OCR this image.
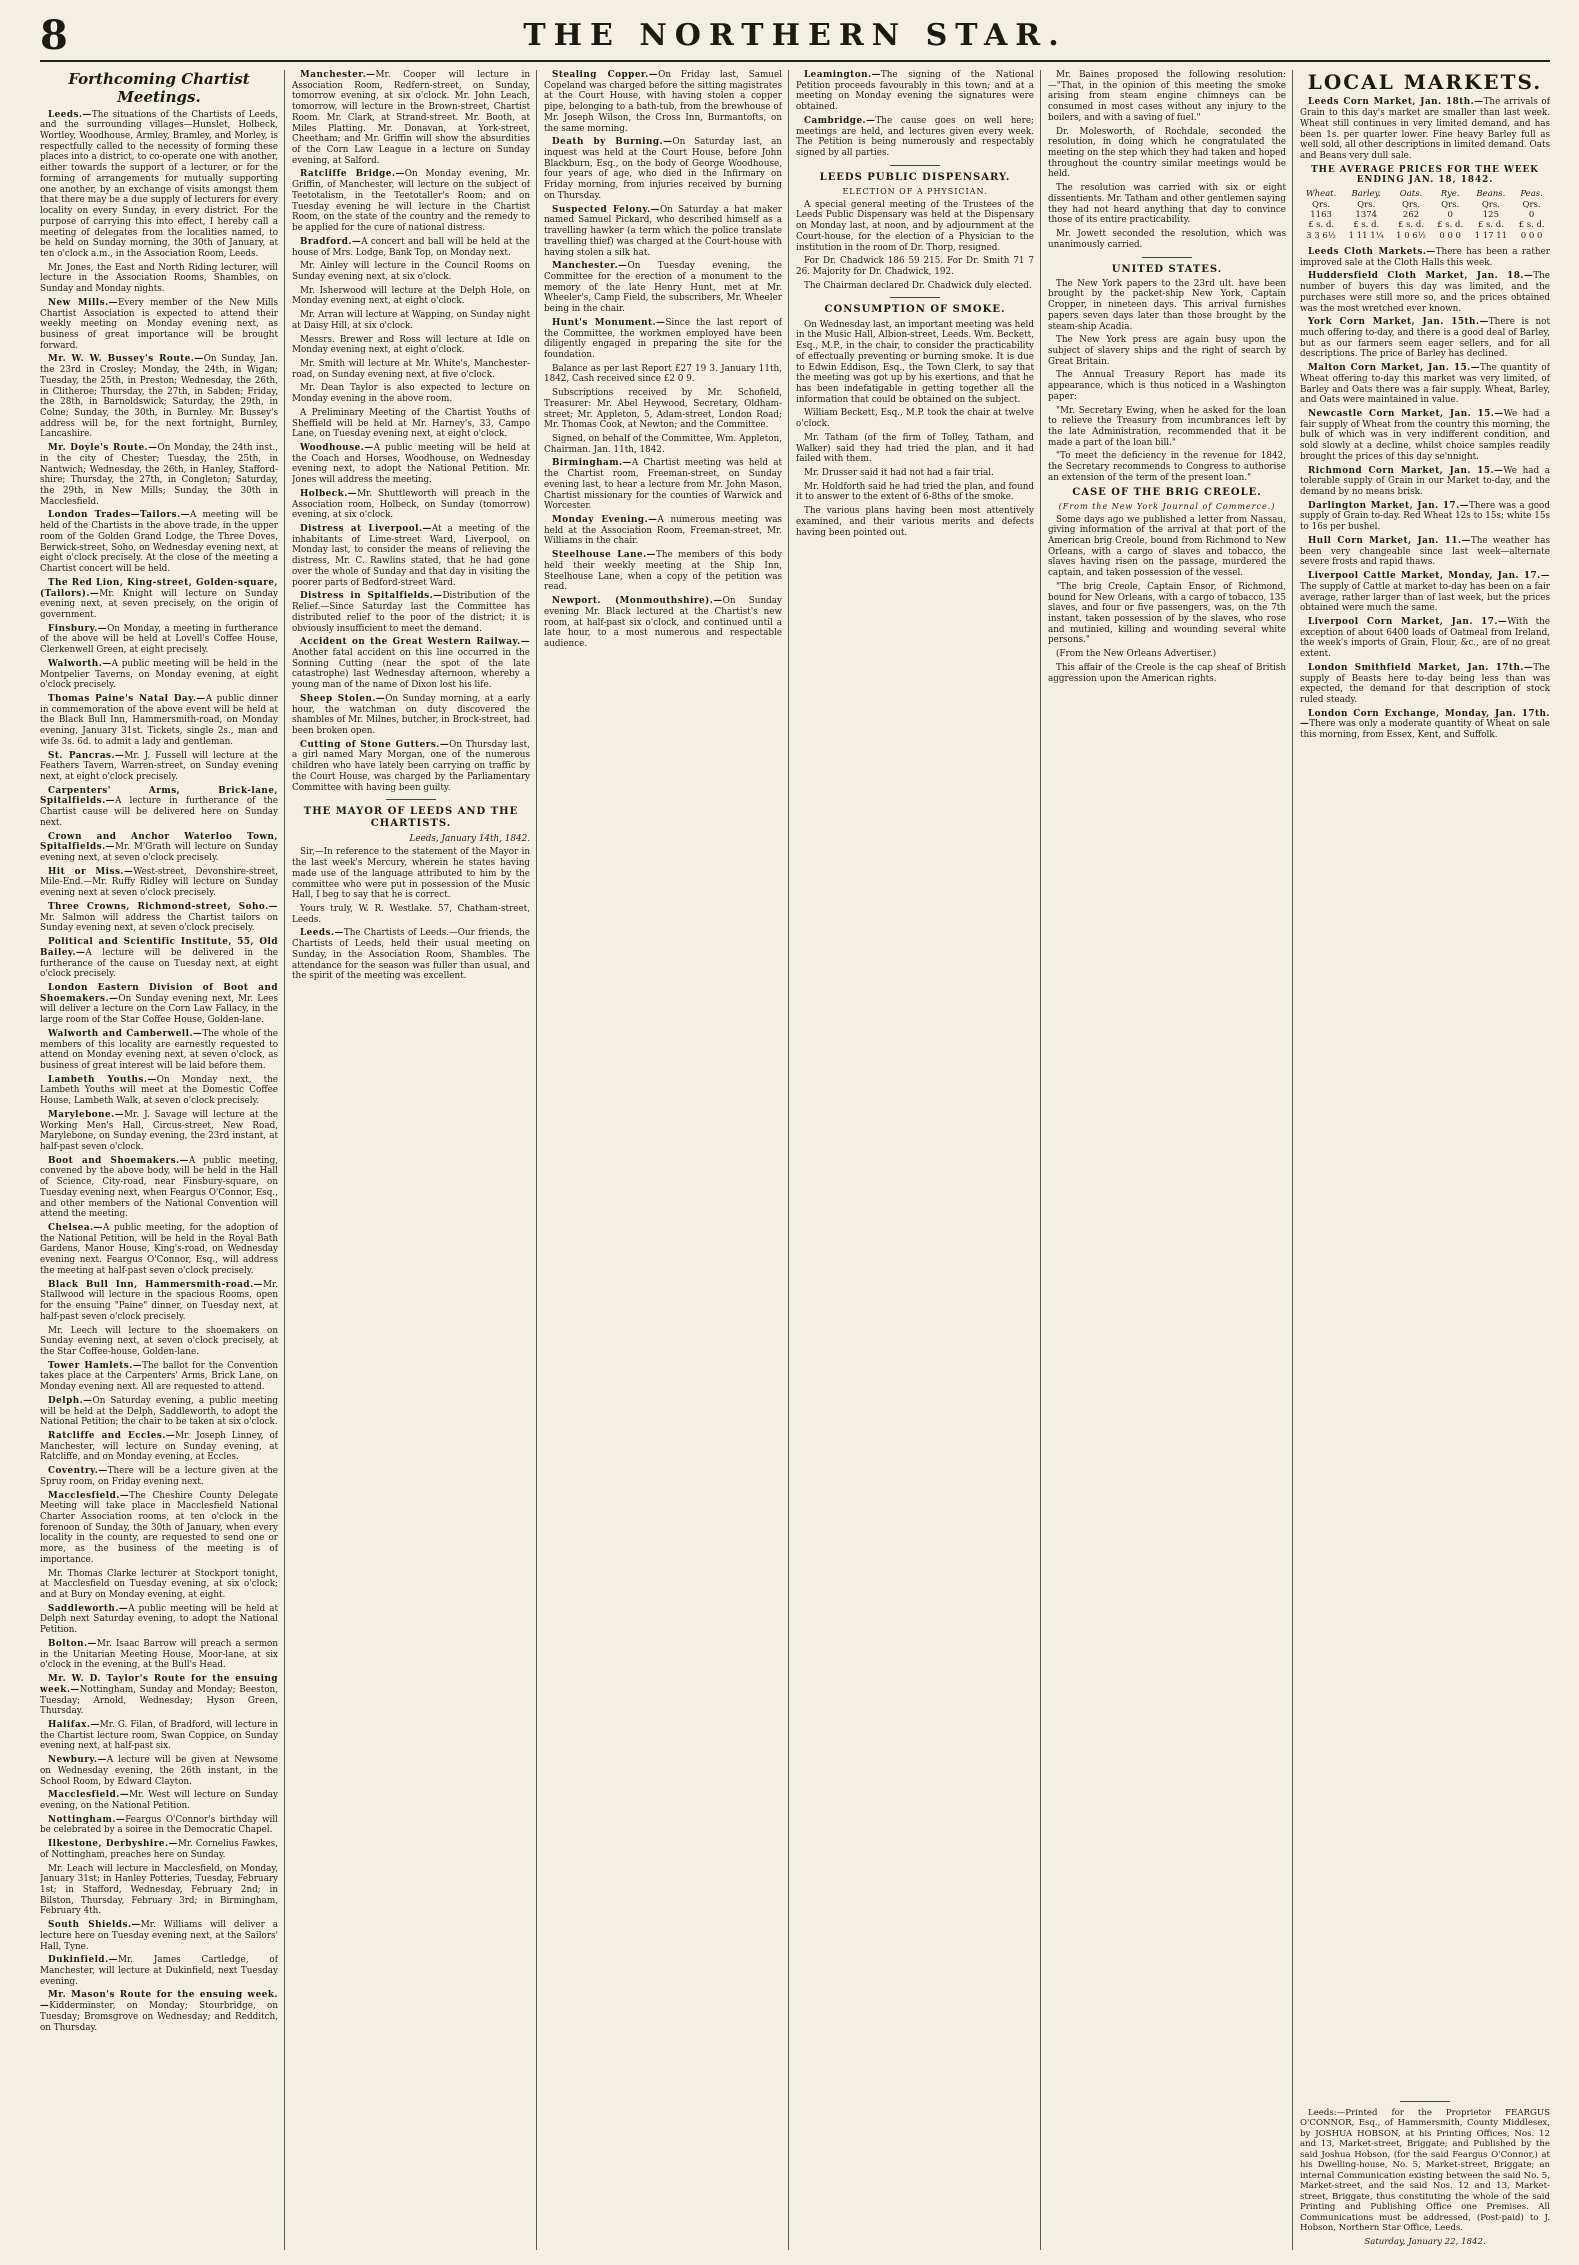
8	THE NORTHERN STAR.

Forthcoming Chartist Meetings.

Leeds.—The situations of the Chartists of Leeds, and the surrounding villages—Hunslet, Holbeck, Wortley, Woodhouse, Armley, Bramley, and Morley, is respectfully called to the necessity of forming these places into a district, to co-operate one with another, either towards the support of a lecturer, or for the forming of arrangements for mutually supporting one another, by an exchange of visits amongst them that there may be a due supply of lecturers for every locality on every Sunday, in every district. For the purpose of carrying this into effect, I hereby call a meeting of delegates from the localities named, to be held on Sunday morning, the 30th of January, at ten o'clock a.m., in the Association Room, Leeds.

Mr. Jones, the East and North Riding lecturer, will lecture in the Association Rooms, Shambles, on Sunday and Monday nights.

New Mills.—Every member of the New Mills Chartist Association is expected to attend their weekly meeting on Monday evening next, as business of great importance will be brought forward.

Mr. W. W. Bussey's Route.—On Sunday, Jan. the 23rd in Crosley; Monday, the 24th, in Wigan; Tuesday, the 25th, in Preston; Wednesday, the 26th, in Clitheroe; Thursday, the 27th, in Sabden; Friday, the 28th, in Barnoldswick; Saturday, the 29th, in Colne; Sunday, the 30th, in Burnley. Mr. Bussey's address will be, for the next fortnight, Burnley, Lancashire.

Mr. Doyle's Route.—On Monday, the 24th inst., in the city of Chester; Tuesday, the 25th, in Nantwich; Wednesday, the 26th, in Hanley, Stafford-shire; Thursday, the 27th, in Congleton; Saturday, the 29th, in New Mills; Sunday, the 30th in Macclesfield.

London Trades—Tailors.—A meeting will be held of the Chartists in the above trade, in the upper room of the Golden Grand Lodge, the Three Doves, Berwick-street, Soho, on Wednesday evening next, at eight o'clock precisely. At the close of the meeting a Chartist concert will be held.

The Red Lion, King-street, Golden-square, (Tailors).—Mr. Knight will lecture on Sunday evening next, at seven precisely, on the origin of government.

Finsbury.—On Monday, a meeting in furtherance of the above will be held at Lovell's Coffee House, Clerkenwell Green, at eight precisely.

Walworth.—A public meeting will be held in the Montpelier Taverns, on Monday evening, at eight o'clock precisely.

Thomas Paine's Natal Day.—A public dinner in commemoration of the above event will be held at the Black Bull Inn, Hammersmith-road, on Monday evening, January 31st. Tickets, single 2s., man and wife 3s. 6d. to admit a lady and gentleman.

St. Pancras.—Mr. J. Fussell will lecture at the Feathers Tavern, Warren-street, on Sunday evening next, at eight o'clock precisely.

Carpenters' Arms, Brick-lane, Spitalfields.—A lecture in furtherance of the Chartist cause will be delivered here on Sunday next.

Crown and Anchor Waterloo Town, Spitalfields.—Mr. M'Grath will lecture on Sunday evening next, at seven o'clock precisely.

Hit or Miss.—West-street, Devonshire-street, Mile-End.—Mr. Ruffy Ridley will lecture on Sunday evening next at seven o'clock precisely.

Three Crowns, Richmond-street, Soho.—Mr. Salmon will address the Chartist tailors on Sunday evening next, at seven o'clock precisely.

Political and Scientific Institute, 55, Old Bailey.—A lecture will be delivered in the furtherance of the cause on Tuesday next, at eight o'clock precisely.

London Eastern Division of Boot and Shoemakers.—On Sunday evening next, Mr. Lees will deliver a lecture on the Corn Law Fallacy, in the large room of the Star Coffee House, Golden-lane.

Walworth and Camberwell.—The whole of the members of this locality are earnestly requested to attend on Monday evening next, at seven o'clock, as business of great interest will be laid before them.

Lambeth Youths.—On Monday next, the Lambeth Youths will meet at the Domestic Coffee House, Lambeth Walk, at seven o'clock precisely.

Marylebone.—Mr. J. Savage will lecture at the Working Men's Hall, Circus-street, New Road, Marylebone, on Sunday evening, the 23rd instant, at half-past seven o'clock.

Boot and Shoemakers.—A public meeting, convened by the above body, will be held in the Hall of Science, City-road, near Finsbury-square, on Tuesday evening next, when Feargus O'Connor, Esq., and other members of the National Convention will attend the meeting.

Chelsea.—A public meeting, for the adoption of the National Petition, will be held in the Royal Bath Gardens, Manor House, King's-road, on Wednesday evening next. Feargus O'Connor, Esq., will address the meeting at half-past seven o'clock precisely.

Black Bull Inn, Hammersmith-road.—Mr. Stallwood will lecture in the spacious Rooms, open for the ensuing "Paine" dinner, on Tuesday next, at half-past seven o'clock precisely.

Mr. Leech will lecture to the shoemakers on Sunday evening next, at seven o'clock precisely, at the Star Coffee-house, Golden-lane.

Tower Hamlets.—The ballot for the Convention takes place at the Carpenters' Arms, Brick Lane, on Monday evening next. All are requested to attend.

Delph.—On Saturday evening, a public meeting will be held at the Delph, Saddleworth, to adopt the National Petition; the chair to be taken at six o'clock.

Ratcliffe and Eccles.—Mr. Joseph Linney, of Manchester, will lecture on Sunday evening, at Ratcliffe, and on Monday evening, at Eccles.

Coventry.—There will be a lecture given at the Spruy room, on Friday evening next.

Macclesfield.—The Cheshire County Delegate Meeting will take place in Macclesfield National Charter Association rooms, at ten o'clock in the forenoon of Sunday, the 30th of January, when every locality in the county, are requested to send one or more, as the business of the meeting is of importance.

Mr. Thomas Clarke lecturer at Stockport tonight, at Macclesfield on Tuesday evening, at six o'clock; and at Bury on Monday evening, at eight.

Saddleworth.—A public meeting will be held at Delph next Saturday evening, to adopt the National Petition.

Bolton.—Mr. Isaac Barrow will preach a sermon in the Unitarian Meeting House, Moor-lane, at six o'clock in the evening, at the Bull's Head.

Mr. W. D. Taylor's Route for the ensuing week.—Nottingham, Sunday and Monday; Beeston, Tuesday; Arnold, Wednesday; Hyson Green, Thursday.

Halifax.—Mr. G. Filan, of Bradford, will lecture in the Chartist lecture room, Swan Coppice, on Sunday evening next, at half-past six.

Newbury.—A lecture will be given at Newsome on Wednesday evening, the 26th instant, in the School Room, by Edward Clayton.

Macclesfield.—Mr. West will lecture on Sunday evening, on the National Petition.

Nottingham.—Feargus O'Connor's birthday will be celebrated by a soiree in the Democratic Chapel.

Ilkestone, Derbyshire.—Mr. Cornelius Fawkes, of Nottingham, preaches here on Sunday.

Mr. Leach will lecture in Macclesfield, on Monday, January 31st; in Hanley Potteries, Tuesday, February 1st; in Stafford, Wednesday, February 2nd; in Bilston, Thursday, February 3rd; in Birmingham, February 4th.

South Shields.—Mr. Williams will deliver a lecture here on Tuesday evening next, at the Sailors' Hall, Tyne.

Dukinfield.—Mr. James Cartledge, of Manchester, will lecture at Dukinfield, next Tuesday evening.

Mr. Mason's Route for the ensuing week.—Kidderminster, on Monday; Stourbridge, on Tuesday; Bromsgrove on Wednesday; and Redditch, on Thursday.

Manchester.—Mr. Cooper will lecture in Association Room, Redfern-street, on Sunday, tomorrow evening, at six o'clock. Mr. John Leach, tomorrow, will lecture in the Brown-street, Chartist Room. Mr. Clark, at Strand-street. Mr. Booth, at Miles Platting. Mr. Donavan, at York-street, Cheetham; and Mr. Griffin will show the absurdities of the Corn Law League in a lecture on Sunday evening, at Salford.

Ratcliffe Bridge.—On Monday evening, Mr. Griffin, of Manchester, will lecture on the subject of Teetotalism, in the Teetotaller's Room; and on Tuesday evening he will lecture in the Chartist Room, on the state of the country and the remedy to be applied for the cure of national distress.

Bradford.—A concert and ball will be held at the house of Mrs. Lodge, Bank Top, on Monday next.

Mr. Ainley will lecture in the Council Rooms on Sunday evening next, at six o'clock.

Mr. Isherwood will lecture at the Delph Hole, on Monday evening next, at eight o'clock.

Mr. Arran will lecture at Wapping, on Sunday night at Daisy Hill, at six o'clock.

Messrs. Brewer and Ross will lecture at Idle on Monday evening next, at eight o'clock.

Mr. Smith will lecture at Mr. White's, Manchester-road, on Sunday evening next, at five o'clock.

Mr. Dean Taylor is also expected to lecture on Monday evening in the above room.

A Preliminary Meeting of the Chartist Youths of Sheffield will be held at Mr. Harney's, 33, Campo Lane, on Tuesday evening next, at eight o'clock.

Woodhouse.—A public meeting will be held at the Coach and Horses, Woodhouse, on Wednesday evening next, to adopt the National Petition. Mr. Jones will address the meeting.

Holbeck.—Mr. Shuttleworth will preach in the Association room, Holbeck, on Sunday (tomorrow) evening, at six o'clock.

Distress at Liverpool.—At a meeting of the inhabitants of Lime-street Ward, Liverpool, on Monday last, to consider the means of relieving the distress, Mr. C. Rawlins stated, that he had gone over the whole of Sunday and that day in visiting the poorer parts of Bedford-street Ward.

Distress in Spitalfields.—Distribution of the Relief.—Since Saturday last the Committee has distributed relief to the poor of the district; it is obviously insufficient to meet the demand.

Accident on the Great Western Railway.—Another fatal accident on this line occurred in the Sonning Cutting (near the spot of the late catastrophe) last Wednesday afternoon, whereby a young man of the name of Dixon lost his life.

Sheep Stolen.—On Sunday morning, at a early hour, the watchman on duty discovered the shambles of Mr. Milnes, butcher, in Brock-street, had been broken open.

Cutting of Stone Gutters.—On Thursday last, a girl named Mary Morgan, one of the numerous children who have lately been carrying on traffic by the Court House, was charged by the Parliamentary Committee with having been guilty.

THE MAYOR OF LEEDS AND THE CHARTISTS.

Leeds, January 14th, 1842.

Sir,—In reference to the statement of the Mayor in the last week's Mercury, wherein he states having made use of the language attributed to him by the committee who were put in possession of the Music Hall, I beg to say that he is correct.

Yours truly, W. R. Westlake. 57, Chatham-street, Leeds.

Leeds.—The Chartists of Leeds.—Our friends, the Chartists of Leeds, held their usual meeting on Sunday, in the Association Room, Shambles. The attendance for the season was fuller than usual, and the spirit of the meeting was excellent.

Stealing Copper.—On Friday last, Samuel Copeland was charged before the sitting magistrates at the Court House, with having stolen a copper pipe, belonging to a bath-tub, from the brewhouse of Mr. Joseph Wilson, the Cross Inn, Burmantofts, on the same morning.

Death by Burning.—On Saturday last, an inquest was held at the Court House, before John Blackburn, Esq., on the body of George Woodhouse, four years of age, who died in the Infirmary on Friday morning, from injuries received by burning on Thursday.

Suspected Felony.—On Saturday a hat maker named Samuel Pickard, who described himself as a travelling hawker (a term which the police translate travelling thief) was charged at the Court-house with having stolen a silk hat.

Manchester.—On Tuesday evening, the Committee for the erection of a monument to the memory of the late Henry Hunt, met at Mr. Wheeler's, Camp Field, the subscribers, Mr. Wheeler being in the chair.

Hunt's Monument.—Since the last report of the Committee, the workmen employed have been diligently engaged in preparing the site for the foundation.

Balance as per last Report £27 19 3. January 11th, 1842, Cash received since £2 0 9.

Subscriptions received by Mr. Schofield, Treasurer: Mr. Abel Heywood, Secretary, Oldham-street; Mr. Appleton, 5, Adam-street, London Road; Mr. Thomas Cook, at Newton; and the Committee.

Signed, on behalf of the Committee, Wm. Appleton, Chairman. Jan. 11th, 1842.

Birmingham.—A Chartist meeting was held at the Chartist room, Freeman-street, on Sunday evening last, to hear a lecture from Mr. John Mason, Chartist missionary for the counties of Warwick and Worcester.

Monday Evening.—A numerous meeting was held at the Association Room, Freeman-street, Mr. Williams in the chair.

Steelhouse Lane.—The members of this body held their weekly meeting at the Ship Inn, Steelhouse Lane, when a copy of the petition was read.

Newport. (Monmouthshire).—On Sunday evening Mr. Black lectured at the Chartist's new room, at half-past six o'clock, and continued until a late hour, to a most numerous and respectable audience.

Leamington.—The signing of the National Petition proceeds favourably in this town; and at a meeting on Monday evening the signatures were obtained.

Cambridge.—The cause goes on well here; meetings are held, and lectures given every week. The Petition is being numerously and respectably signed by all parties.

LEEDS PUBLIC DISPENSARY.

ELECTION OF A PHYSICIAN.

A special general meeting of the Trustees of the Leeds Public Dispensary was held at the Dispensary on Monday last, at noon, and by adjournment at the Court-house, for the election of a Physician to the institution in the room of Dr. Thorp, resigned.

For Dr. Chadwick 186 59 215. For Dr. Smith 71 7 26. Majority for Dr. Chadwick, 192.

The Chairman declared Dr. Chadwick duly elected.

CONSUMPTION OF SMOKE.

On Wednesday last, an important meeting was held in the Music Hall, Albion-street, Leeds. Wm. Beckett, Esq., M.P., in the chair, to consider the practicability of effectually preventing or burning smoke. It is due to Edwin Eddison, Esq., the Town Clerk, to say that the meeting was got up by his exertions, and that he has been indefatigable in getting together all the information that could be obtained on the subject.

William Beckett, Esq., M.P. took the chair at twelve o'clock.

Mr. Tatham (of the firm of Tolley, Tatham, and Walker) said they had tried the plan, and it had failed with them.

Mr. Drusser said it had not had a fair trial.

Mr. Holdforth said he had tried the plan, and found it to answer to the extent of 6-8ths of the smoke.

The various plans having been most attentively examined, and their various merits and defects having been pointed out.

Mr. Baines proposed the following resolution:—"That, in the opinion of this meeting the smoke arising from steam engine chimneys can be consumed in most cases without any injury to the boilers, and with a saving of fuel."

Dr. Molesworth, of Rochdale, seconded the resolution, in doing which he congratulated the meeting on the step which they had taken and hoped throughout the country similar meetings would be held.

The resolution was carried with six or eight dissentients. Mr. Tatham and other gentlemen saying they had not heard anything that day to convince those of its entire practicability.

Mr. Jowett seconded the resolution, which was unanimously carried.

UNITED STATES.

The New York papers to the 23rd ult. have been brought by the packet-ship New York, Captain Cropper, in nineteen days. This arrival furnishes papers seven days later than those brought by the steam-ship Acadia.

The New York press are again busy upon the subject of slavery ships and the right of search by Great Britain.

The Annual Treasury Report has made its appearance, which is thus noticed in a Washington paper:

"Mr. Secretary Ewing, when he asked for the loan to relieve the Treasury from incumbrances left by the late Administration, recommended that it be made a part of the loan bill."

"To meet the deficiency in the revenue for 1842, the Secretary recommends to Congress to authorise an extension of the term of the present loan."

CASE OF THE BRIG CREOLE.

(From the New York Journal of Commerce.)

Some days ago we published a letter from Nassau, giving information of the arrival at that port of the American brig Creole, bound from Richmond to New Orleans, with a cargo of slaves and tobacco, the slaves having risen on the passage, murdered the captain, and taken possession of the vessel.

"The brig Creole, Captain Ensor, of Richmond, bound for New Orleans, with a cargo of tobacco, 135 slaves, and four or five passengers, was, on the 7th instant, taken possession of by the slaves, who rose and mutinied, killing and wounding several white persons."

(From the New Orleans Advertiser.)

This affair of the Creole is the cap sheaf of British aggression upon the American rights.

LOCAL MARKETS.

Leeds Corn Market, Jan. 18th.—The arrivals of Grain to this day's market are smaller than last week. Wheat still continues in very limited demand, and has been 1s. per quarter lower. Fine heavy Barley full as well sold, all other descriptions in limited demand. Oats and Beans very dull sale.

THE AVERAGE PRICES FOR THE WEEK ENDING JAN. 18, 1842.

Wheat.	Barley.	Oats.	Rye.	Beans.	Peas.
Qrs.	Qrs.	Qrs.	Qrs.	Qrs.	Qrs.
1163	1374	262	0	125	0
£ s. d.	£ s. d.	£ s. d.	£ s. d.	£ s. d.	£ s. d.
3 3 6½	1 11 1¼	1 0 6½	0 0 0	1 17 11	0 0 0

Leeds Cloth Markets.—There has been a rather improved sale at the Cloth Halls this week.

Huddersfield Cloth Market, Jan. 18.—The number of buyers this day was limited, and the purchases were still more so, and the prices obtained was the most wretched ever known.

York Corn Market, Jan. 15th.—There is not much offering to-day, and there is a good deal of Barley, but as our farmers seem eager sellers, and for all descriptions. The price of Barley has declined.

Malton Corn Market, Jan. 15.—The quantity of Wheat offering to-day this market was very limited, of Barley and Oats there was a fair supply. Wheat, Barley, and Oats were maintained in value.

Newcastle Corn Market, Jan. 15.—We had a fair supply of Wheat from the country this morning, the bulk of which was in very indifferent condition, and sold slowly at a decline, whilst choice samples readily brought the prices of this day se'nnight.

Richmond Corn Market, Jan. 15.—We had a tolerable supply of Grain in our Market to-day, and the demand by no means brisk.

Darlington Market, Jan. 17.—There was a good supply of Grain to-day. Red Wheat 12s to 15s; white 15s to 16s per bushel.

Hull Corn Market, Jan. 11.—The weather has been very changeable since last week—alternate severe frosts and rapid thaws.

Liverpool Cattle Market, Monday, Jan. 17.—The supply of Cattle at market to-day has been on a fair average, rather larger than of last week, but the prices obtained were much the same.

Liverpool Corn Market, Jan. 17.—With the exception of about 6400 loads of Oatmeal from Ireland, the week's imports of Grain, Flour, &c., are of no great extent.

London Smithfield Market, Jan. 17th.—The supply of Beasts here to-day being less than was expected, the demand for that description of stock ruled steady.

London Corn Exchange, Monday, Jan. 17th.—There was only a moderate quantity of Wheat on sale this morning, from Essex, Kent, and Suffolk.

Leeds:—Printed for the Proprietor FEARGUS O'CONNOR, Esq., of Hammersmith, County Middlesex, by JOSHUA HOBSON, at his Printing Offices, Nos. 12 and 13, Market-street, Briggate; and Published by the said Joshua Hobson, (for the said Feargus O'Connor,) at his Dwelling-house, No. 5, Market-street, Briggate; an internal Communication existing between the said No. 5, Market-street, and the said Nos. 12 and 13, Market-street, Briggate, thus constituting the whole of the said Printing and Publishing Office one Premises. All Communications must be addressed, (Post-paid) to J. Hobson, Northern Star Office, Leeds.

Saturday, January 22, 1842.
